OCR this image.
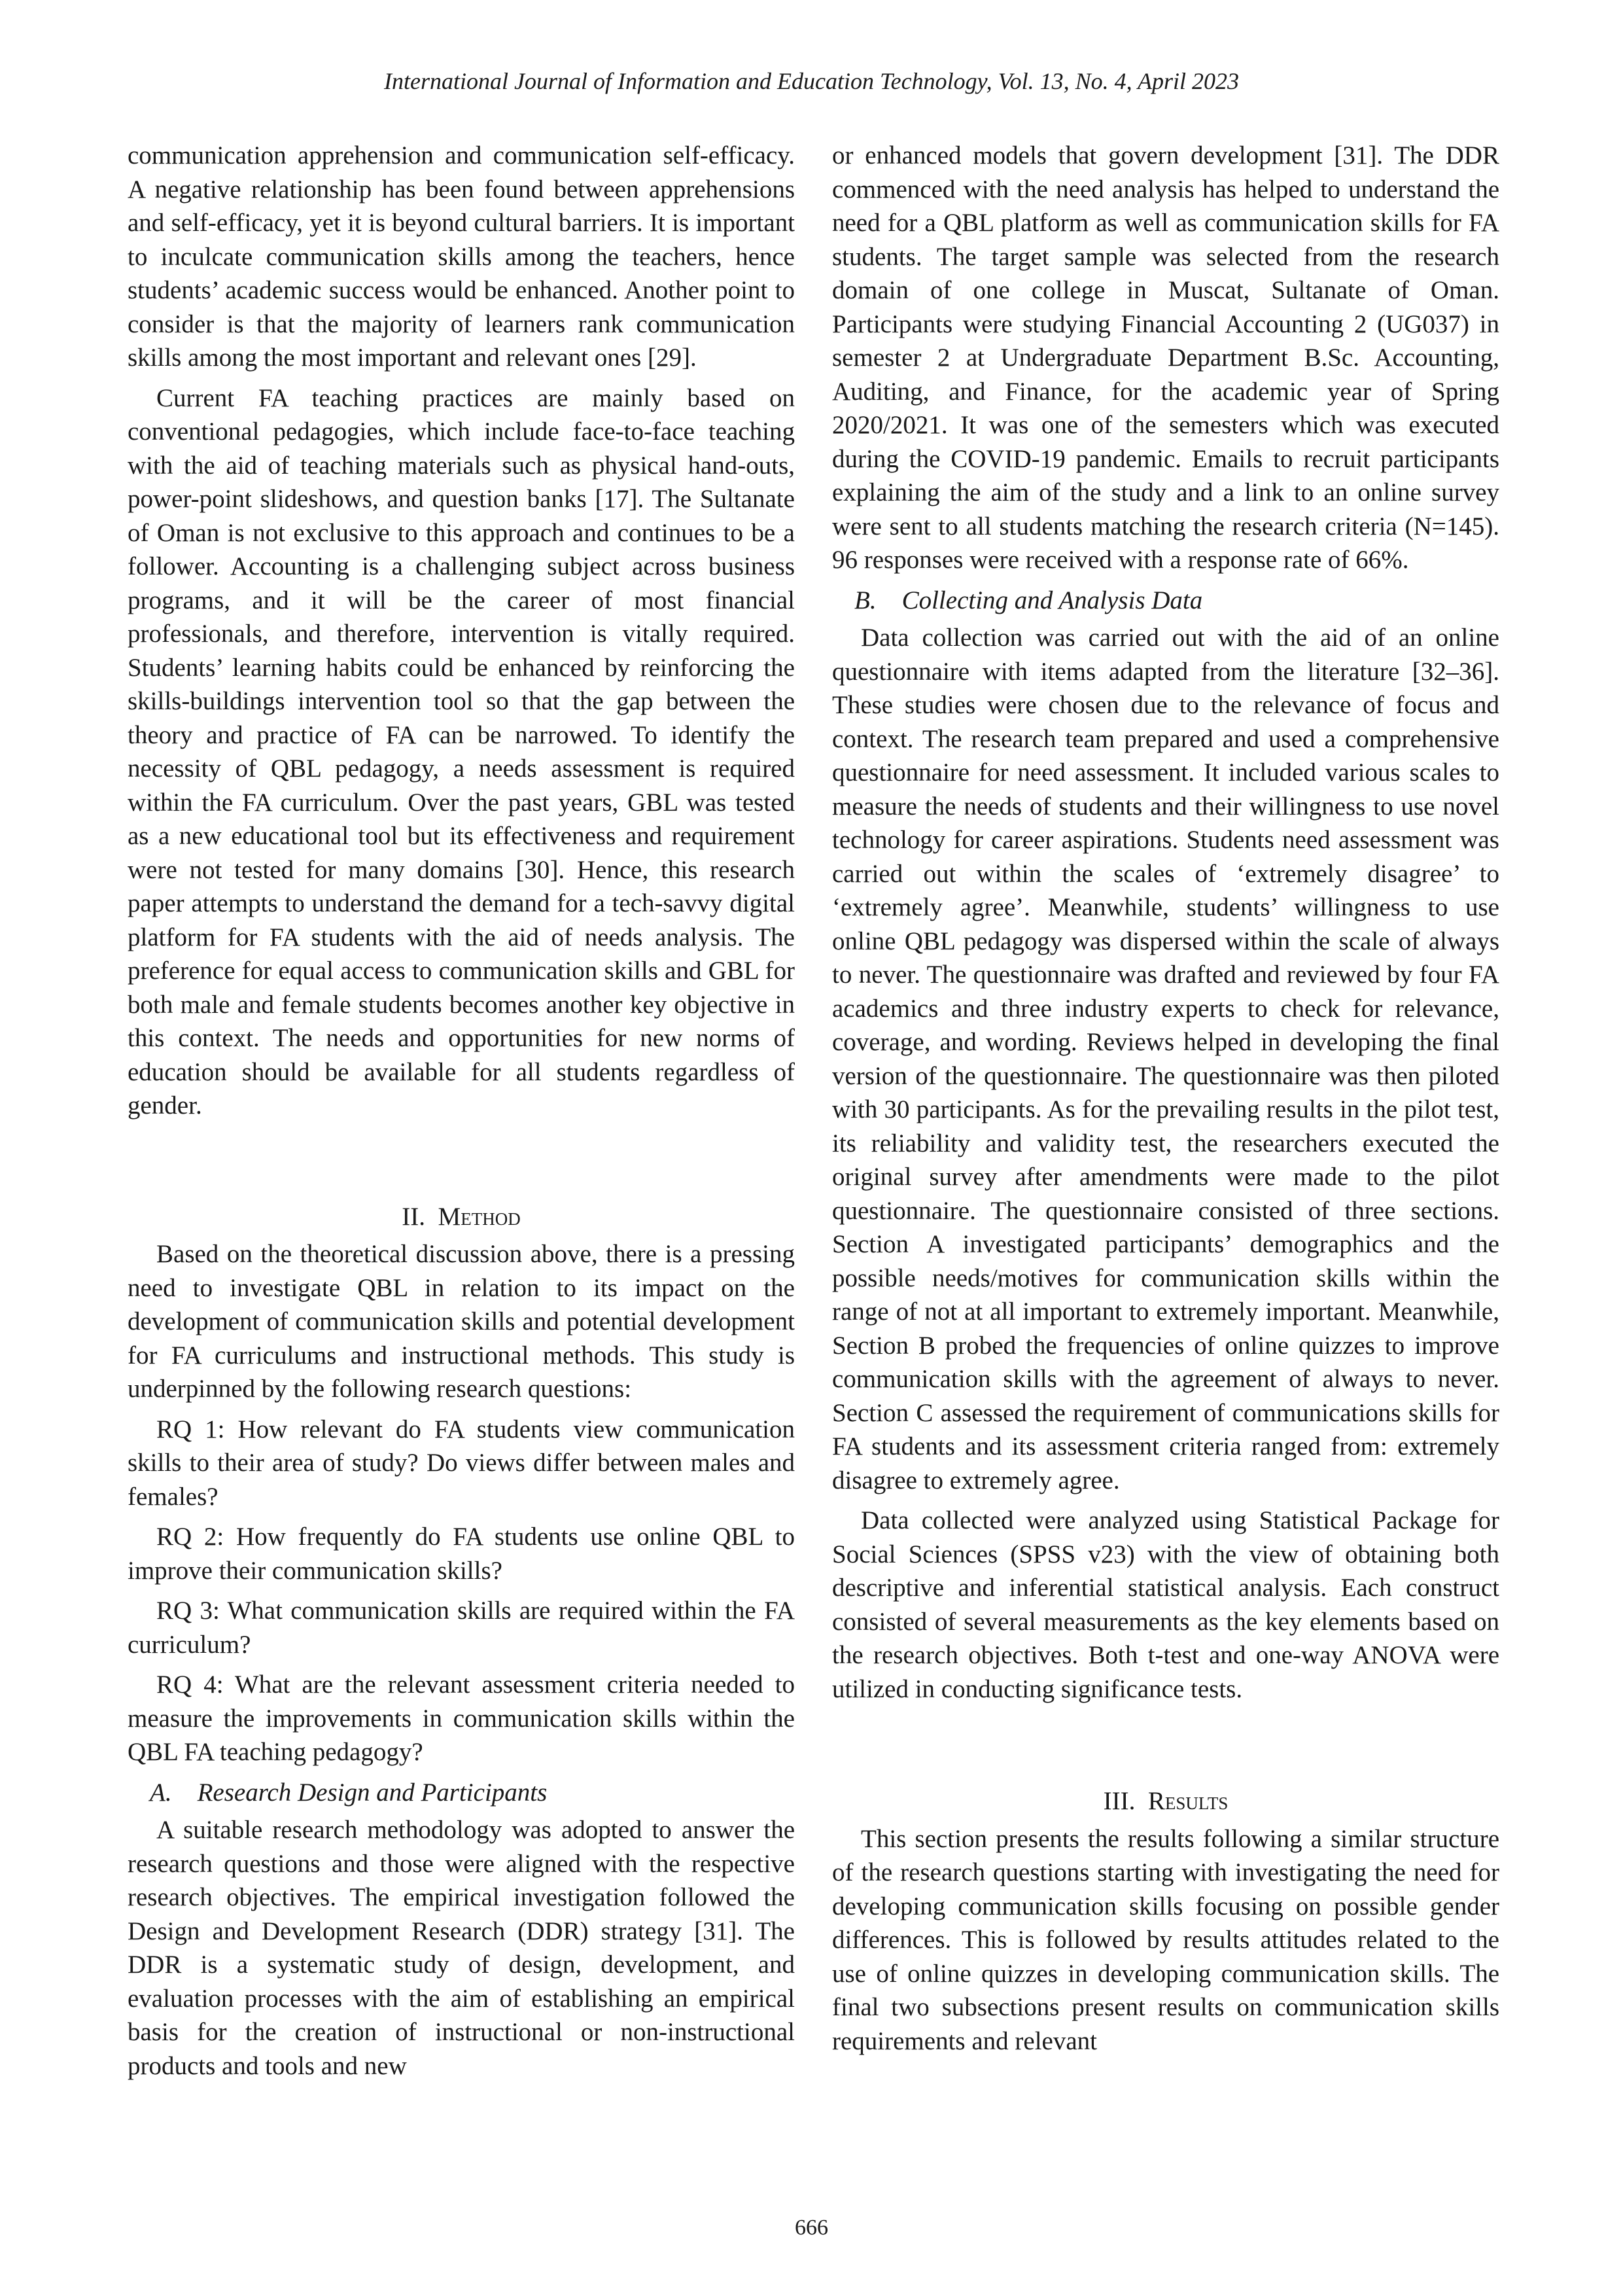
International Journal of Information and Education Technology, Vol. 13, No. 4, April 2023

communication apprehension and communication self-efficacy. A negative relationship has been found between apprehensions and self-efficacy, yet it is beyond cultural barriers. It is important to inculcate communication skills among the teachers, hence students’ academic success would be enhanced. Another point to consider is that the majority of learners rank communication skills among the most important and relevant ones [29].

Current FA teaching practices are mainly based on conventional pedagogies, which include face-to-face teaching with the aid of teaching materials such as physical hand-outs, power-point slideshows, and question banks [17]. The Sultanate of Oman is not exclusive to this approach and continues to be a follower. Accounting is a challenging subject across business programs, and it will be the career of most financial professionals, and therefore, intervention is vitally required. Students’ learning habits could be enhanced by reinforcing the skills-buildings intervention tool so that the gap between the theory and practice of FA can be narrowed. To identify the necessity of QBL pedagogy, a needs assessment is required within the FA curriculum. Over the past years, GBL was tested as a new educational tool but its effectiveness and requirement were not tested for many domains [30]. Hence, this research paper attempts to understand the demand for a tech-savvy digital platform for FA students with the aid of needs analysis. The preference for equal access to communication skills and GBL for both male and female students becomes another key objective in this context. The needs and opportunities for new norms of education should be available for all students regardless of gender.

II. Method

Based on the theoretical discussion above, there is a pressing need to investigate QBL in relation to its impact on the development of communication skills and potential development for FA curriculums and instructional methods. This study is underpinned by the following research questions:

RQ 1: How relevant do FA students view communication skills to their area of study? Do views differ between males and females?

RQ 2: How frequently do FA students use online QBL to improve their communication skills?

RQ 3: What communication skills are required within the FA curriculum?

RQ 4: What are the relevant assessment criteria needed to measure the improvements in communication skills within the QBL FA teaching pedagogy?

A. Research Design and Participants

A suitable research methodology was adopted to answer the research questions and those were aligned with the respective research objectives. The empirical investigation followed the Design and Development Research (DDR) strategy [31]. The DDR is a systematic study of design, development, and evaluation processes with the aim of establishing an empirical basis for the creation of instructional or non-instructional products and tools and new

or enhanced models that govern development [31]. The DDR commenced with the need analysis has helped to understand the need for a QBL platform as well as communication skills for FA students. The target sample was selected from the research domain of one college in Muscat, Sultanate of Oman. Participants were studying Financial Accounting 2 (UG037) in semester 2 at Undergraduate Department B.Sc. Accounting, Auditing, and Finance, for the academic year of Spring 2020/2021. It was one of the semesters which was executed during the COVID-19 pandemic. Emails to recruit participants explaining the aim of the study and a link to an online survey were sent to all students matching the research criteria (N=145). 96 responses were received with a response rate of 66%.

B. Collecting and Analysis Data

Data collection was carried out with the aid of an online questionnaire with items adapted from the literature [32–36]. These studies were chosen due to the relevance of focus and context. The research team prepared and used a comprehensive questionnaire for need assessment. It included various scales to measure the needs of students and their willingness to use novel technology for career aspirations. Students need assessment was carried out within the scales of ‘extremely disagree’ to ‘extremely agree’. Meanwhile, students’ willingness to use online QBL pedagogy was dispersed within the scale of always to never. The questionnaire was drafted and reviewed by four FA academics and three industry experts to check for relevance, coverage, and wording. Reviews helped in developing the final version of the questionnaire. The questionnaire was then piloted with 30 participants. As for the prevailing results in the pilot test, its reliability and validity test, the researchers executed the original survey after amendments were made to the pilot questionnaire. The questionnaire consisted of three sections. Section A investigated participants’ demographics and the possible needs/motives for communication skills within the range of not at all important to extremely important. Meanwhile, Section B probed the frequencies of online quizzes to improve communication skills with the agreement of always to never. Section C assessed the requirement of communications skills for FA students and its assessment criteria ranged from: extremely disagree to extremely agree.

Data collected were analyzed using Statistical Package for Social Sciences (SPSS v23) with the view of obtaining both descriptive and inferential statistical analysis. Each construct consisted of several measurements as the key elements based on the research objectives. Both t-test and one-way ANOVA were utilized in conducting significance tests.

III. Results

This section presents the results following a similar structure of the research questions starting with investigating the need for developing communication skills focusing on possible gender differences. This is followed by results attitudes related to the use of online quizzes in developing communication skills. The final two subsections present results on communication skills requirements and relevant

666
